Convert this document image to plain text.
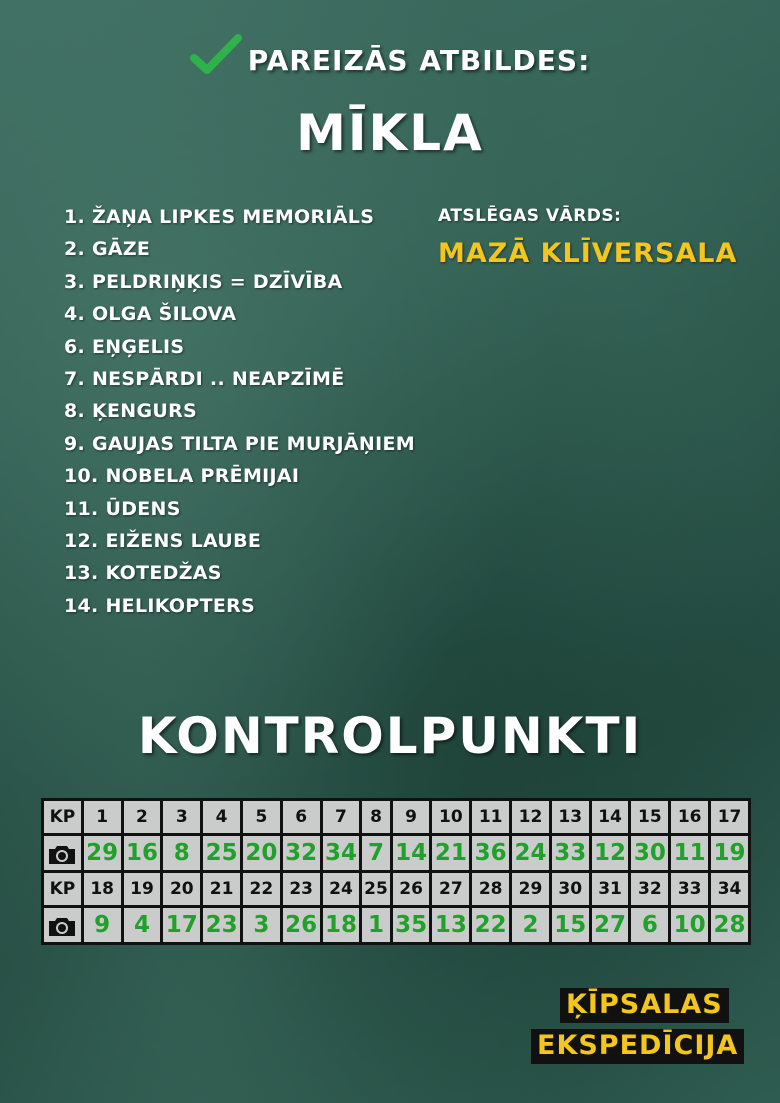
PAREIZĀS ATBILDES:
MĪKLA
1. ŽAŅA LIPKES MEMORIĀLS
2. GĀZE
3. PELDRIŅĶIS = DZĪVĪBA
4. OLGA ŠILOVA
6. EŅĢELIS
7. NESPĀRDI .. NEAPZĪMĒ
8. ĶENGURS
9. GAUJAS TILTA PIE MURJĀŅIEM
10. NOBELA PRĒMIJAI
11. ŪDENS
12. EIŽENS LAUBE
13. KOTEDŽAS
14. HELIKOPTERS
ATSLĒGAS VĀRDS:
MAZĀ KLĪVERSALA
KONTROLPUNKTI
KP	1	2	3	4	5	6	7	8	9	10	11	12	13	14	15	16	17

	29	16	8	25	20	32	34	7	14	21	36	24	33	12	30	11	19
KP	18	19	20	21	22	23	24	25	26	27	28	29	30	31	32	33	34

	9	4	17	23	3	26	18	1	35	13	22	2	15	27	6	10	28
ĶĪPSALAS
EKSPEDĪCIJA
